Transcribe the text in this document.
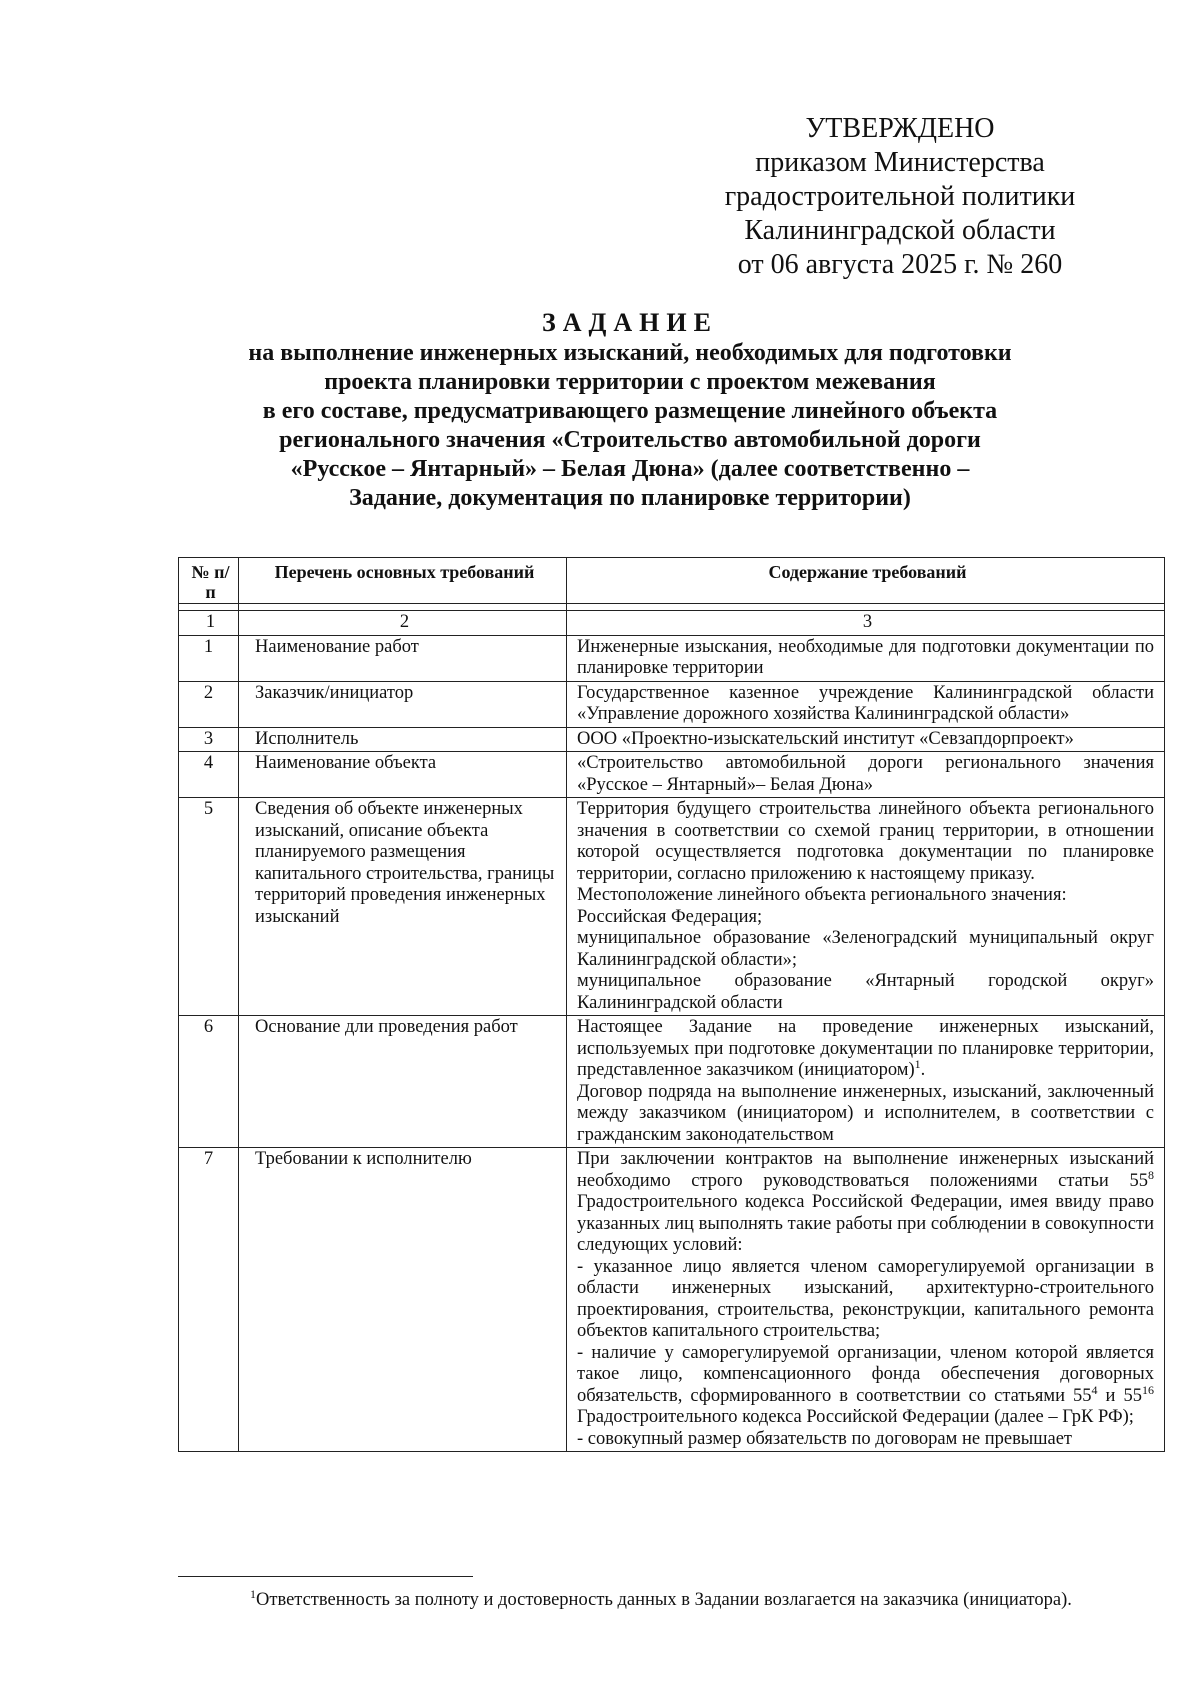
УТВЕРЖДЕНО
приказом Министерства
градостроительной политики
Калининградской области
от 06 августа 2025 г. № 260
ЗАДАНИЕ
на выполнение инженерных изысканий, необходимых для подготовки
проекта планировки территории с проектом межевания
в его составе, предусматривающего размещение линейного объекта
регионального значения «Строительство автомобильной дороги
«Русское – Янтарный» – Белая Дюна» (далее соответственно –
Задание, документация по планировке территории)
№ п/п	Перечень основных требований	Содержание требований

1	2	3
1	Наименование работ	Инженерные изыскания, необходимые для подготовки документации по планировке территории

2	Заказчик/инициатор	Государственное казенное учреждение Калининградской области «Управление дорожного хозяйства Калининградской области»

3	Исполнитель	ООО «Проектно-изыскательский институт «Севзапдорпроект»

4	Наименование объекта	«Строительство автомобильной дороги регионального значения «Русское – Янтарный»– Белая Дюна»

5	Сведения об объекте инженерных изысканий, описание объекта планируемого размещения капитального строительства, границы территорий проведения инженерных изысканий	Территория будущего строительства линейного объекта регионального значения в соответствии со схемой границ территории, в отношении которой осуществляется подготовка документации по планировке территории, согласно приложению к настоящему приказу.
Местоположение линейного объекта регионального значения:
Российская Федерация;
муниципальное образование «Зеленоградский муниципальный округ Калининградской области»;
муниципальное образование «Янтарный городской округ» Калининградской области

6	Основание дли проведения работ	Настоящее Задание на проведение инженерных изысканий, используемых при подготовке документации по планировке территории, представленное заказчиком (инициатором)$^1$.
Договор подряда на выполнение инженерных, изысканий, заключенный между заказчиком (инициатором) и исполнителем, в соответствии с гражданским законодательством

7	Требовании к исполнителю	При заключении контрактов на выполнение инженерных изысканий необходимо строго руководствоваться положениями статьи $55^8$ Градостроительного кодекса Российской Федерации, имея ввиду право указанных лиц выполнять такие работы при соблюдении в совокупности следующих условий:
- указанное лицо является членом саморегулируемой организации в области инженерных изысканий, архитектурно-строительного проектирования, строительства, реконструкции, капитального ремонта объектов капитального строительства;
- наличие у саморегулируемой организации, членом которой является такое лицо, компенсационного фонда обеспечения договорных обязательств, сформированного в соответствии со статьями $55^4$ и $55^{16}$ Градостроительного кодекса Российской Федерации (далее – ГрК РФ);
- совокупный размер обязательств по договорам не превышает
$^1$Ответственность за полноту и достоверность данных в Задании возлагается на заказчика (инициатора).
